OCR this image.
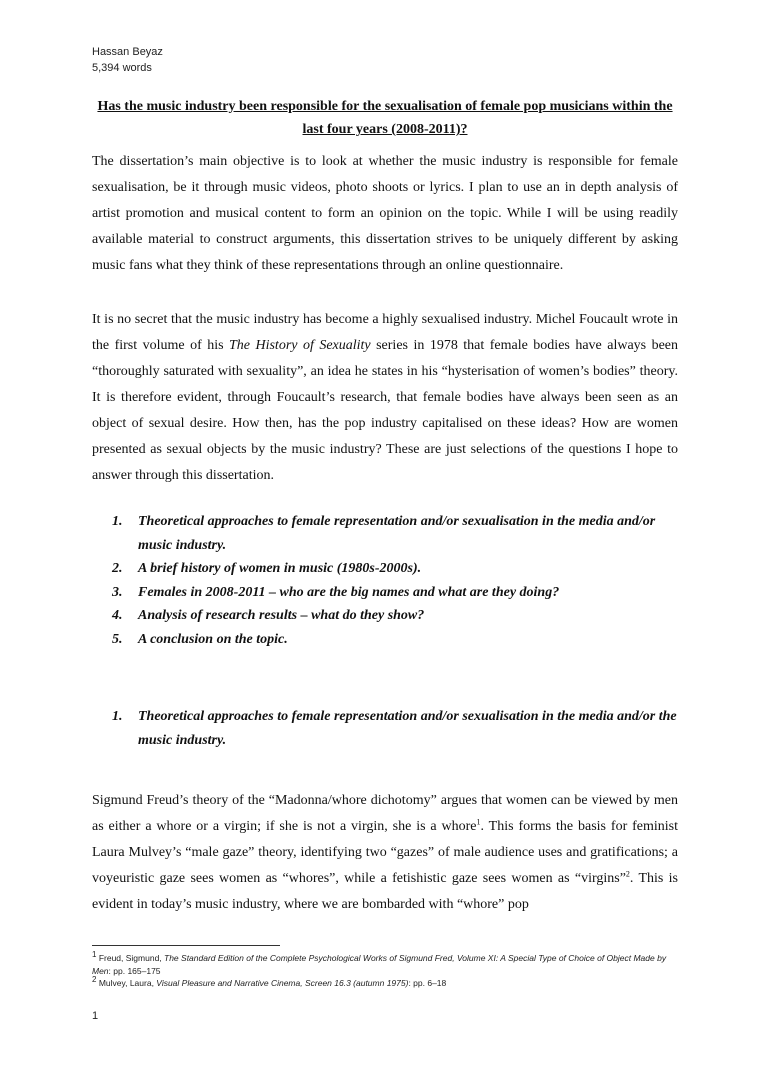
Hassan Beyaz
5,394 words
Has the music industry been responsible for the sexualisation of female pop musicians within the last four years (2008-2011)?

The dissertation’s main objective is to look at whether the music industry is responsible for female sexualisation, be it through music videos, photo shoots or lyrics. I plan to use an in depth analysis of artist promotion and musical content to form an opinion on the topic. While I will be using readily available material to construct arguments, this dissertation strives to be uniquely different by asking music fans what they think of these representations through an online questionnaire.

It is no secret that the music industry has become a highly sexualised industry. Michel Foucault wrote in the first volume of his The History of Sexuality series in 1978 that female bodies have always been “thoroughly saturated with sexuality”, an idea he states in his “hysterisation of women’s bodies” theory. It is therefore evident, through Foucault’s research, that female bodies have always been seen as an object of sexual desire. How then, has the pop industry capitalised on these ideas? How are women presented as sexual objects by the music industry? These are just selections of the questions I hope to answer through this dissertation.

1.	Theoretical approaches to female representation and/or sexualisation in the media and/or music industry.
2.	A brief history of women in music (1980s-2000s).
3.	Females in 2008-2011 – who are the big names and what are they doing?
4.	Analysis of research results – what do they show?
5.	A conclusion on the topic.
1.	Theoretical approaches to female representation and/or sexualisation in the media and/or the music industry.

Sigmund Freud’s theory of the “Madonna/whore dichotomy” argues that women can be viewed by men as either a whore or a virgin; if she is not a virgin, she is a whore$^1$. This forms the basis for feminist Laura Mulvey’s “male gaze” theory, identifying two “gazes” of male audience uses and gratifications; a voyeuristic gaze sees women as “whores”, while a fetishistic gaze sees women as “virgins”$^2$. This is evident in today’s music industry, where we are bombarded with “whore” pop

$^1$ Freud, Sigmund, The Standard Edition of the Complete Psychological Works of Sigmund Fred, Volume XI: A Special Type of Choice of Object Made by Men: pp. 165–175
$^2$ Mulvey, Laura, Visual Pleasure and Narrative Cinema, Screen 16.3 (autumn 1975): pp. 6–18
1
